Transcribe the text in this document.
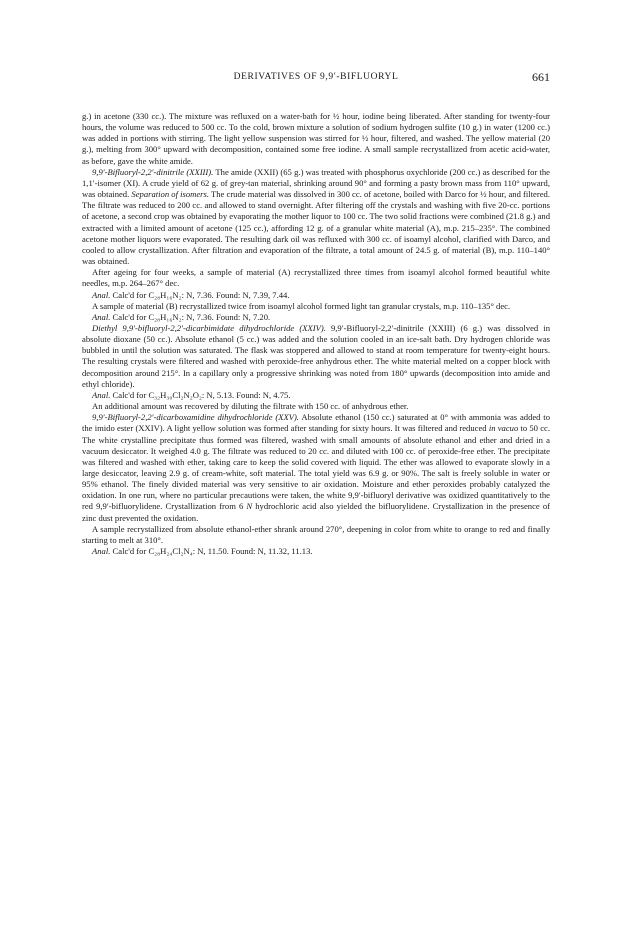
DERIVATIVES OF 9,9′-BIFLUORYL	661

g.) in acetone (330 cc.). The mixture was refluxed on a water-bath for ½ hour, iodine being liberated. After standing for twenty-four hours, the volume was reduced to 500 cc. To the cold, brown mixture a solution of sodium hydrogen sulfite (10 g.) in water (1200 cc.) was added in portions with stirring. The light yellow suspension was stirred for ½ hour, filtered, and washed. The yellow material (20 g.), melting from 300° upward with decomposition, contained some free iodine. A small sample recrystallized from acetic acid-water, as before, gave the white amide.

9,9′-Bifluoryl-2,2′-dinitrile (XXIII). The amide (XXII) (65 g.) was treated with phosphorus oxychloride (200 cc.) as described for the 1,1′-isomer (XI). A crude yield of 62 g. of grey-tan material, shrinking around 90° and forming a pasty brown mass from 110° upward, was obtained. Separation of isomers. The crude material was dissolved in 300 cc. of acetone, boiled with Darco for ½ hour, and filtered. The filtrate was reduced to 200 cc. and allowed to stand overnight. After filtering off the crystals and washing with five 20-cc. portions of acetone, a second crop was obtained by evaporating the mother liquor to 100 cc. The two solid fractions were combined (21.8 g.) and extracted with a limited amount of acetone (125 cc.), affording 12 g. of a granular white material (A), m.p. 215–235°. The combined acetone mother liquors were evaporated. The resulting dark oil was refluxed with 300 cc. of isoamyl alcohol, clarified with Darco, and cooled to allow crystallization. After filtration and evaporation of the filtrate, a total amount of 24.5 g. of material (B), m.p. 110–140° was obtained.

After ageing for four weeks, a sample of material (A) recrystallized three times from isoamyl alcohol formed beautiful white needles, m.p. 264–267° dec.

Anal. Calc'd for C₂₈H₁₆N₂: N, 7.36. Found: N, 7.39, 7.44.

A sample of material (B) recrystallized twice from isoamyl alcohol formed light tan granular crystals, m.p. 110–135° dec.

Anal. Calc'd for C₂₈H₁₆N₂: N, 7.36. Found: N, 7.20.

Diethyl 9,9′-bifluoryl-2,2′-dicarbimidate dihydrochloride (XXIV). 9,9′-Bifluoryl-2,2′-dinitrile (XXIII) (6 g.) was dissolved in absolute dioxane (50 cc.). Absolute ethanol (5 cc.) was added and the solution cooled in an ice-salt bath. Dry hydrogen chloride was bubbled in until the solution was saturated. The flask was stoppered and allowed to stand at room temperature for twenty-eight hours. The resulting crystals were filtered and washed with peroxide-free anhydrous ether. The white material melted on a copper block with decomposition around 215°. In a capillary only a progressive shrinking was noted from 180° upwards (decomposition into amide and ethyl chloride).

Anal. Calc'd for C₃₂H₃₀Cl₂N₂O₂: N, 5.13. Found: N, 4.75.

An additional amount was recovered by diluting the filtrate with 150 cc. of anhydrous ether.

9,9′-Bifluoryl-2,2′-dicarboxamidine dihydrochloride (XXV). Absolute ethanol (150 cc.) saturated at 0° with ammonia was added to the imido ester (XXIV). A light yellow solution was formed after standing for sixty hours. It was filtered and reduced in vacuo to 50 cc. The white crystalline precipitate thus formed was filtered, washed with small amounts of absolute ethanol and ether and dried in a vacuum desiccator. It weighed 4.0 g. The filtrate was reduced to 20 cc. and diluted with 100 cc. of peroxide-free ether. The precipitate was filtered and washed with ether, taking care to keep the solid covered with liquid. The ether was allowed to evaporate slowly in a large desiccator, leaving 2.9 g. of cream-white, soft material. The total yield was 6.9 g. or 90%. The salt is freely soluble in water or 95% ethanol. The finely divided material was very sensitive to air oxidation. Moisture and ether peroxides probably catalyzed the oxidation. In one run, where no particular precautions were taken, the white 9,9′-bifluoryl derivative was oxidized quantitatively to the red 9,9′-bifluorylidene. Crystallization from 6 N hydrochloric acid also yielded the bifluorylidene. Crystallization in the presence of zinc dust prevented the oxidation.

A sample recrystallized from absolute ethanol-ether shrank around 270°, deepening in color from white to orange to red and finally starting to melt at 310°.

Anal. Calc'd for C₂₈H₂₄Cl₂N₄: N, 11.50. Found: N, 11.32, 11.13.
